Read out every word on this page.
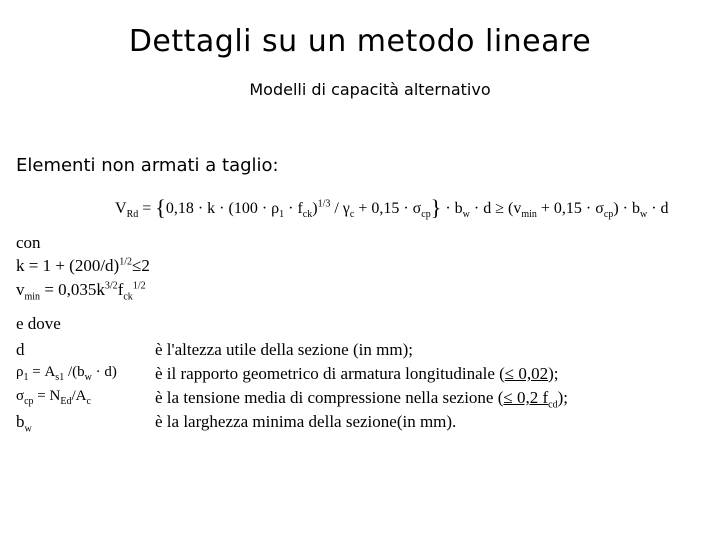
Dettagli su un metodo lineare
Modelli di capacità alternativo
Elementi non armati a taglio:
$V_{Rd} = \{0,18 \cdot k \cdot (100 \cdot \rho_1 \cdot f_{ck})^{1/3} / \gamma_c + 0,15 \cdot \sigma_{cp}\} \cdot b_w \cdot d \ge (v_{min} + 0,15 \cdot \sigma_{cp}) \cdot b_w \cdot d$
con
$k = 1 + (200/d)^{1/2}\le 2$
$v_{min} = 0,035k^{3/2}f_{ck}^{1/2}$
e dove
d	è l'altezza utile della sezione (in mm);
$\rho_1 = A_{s1}$ $/(b_w \cdot d)$ è il rapporto geometrico di armatura longitudinale (≤ 0,02);
$\sigma_{cp} = N_{Ed}/A_c$	è la tensione media di compressione nella sezione (≤ 0,2 $f_{cd}$);
$b_w$	è la larghezza minima della sezione(in mm).
